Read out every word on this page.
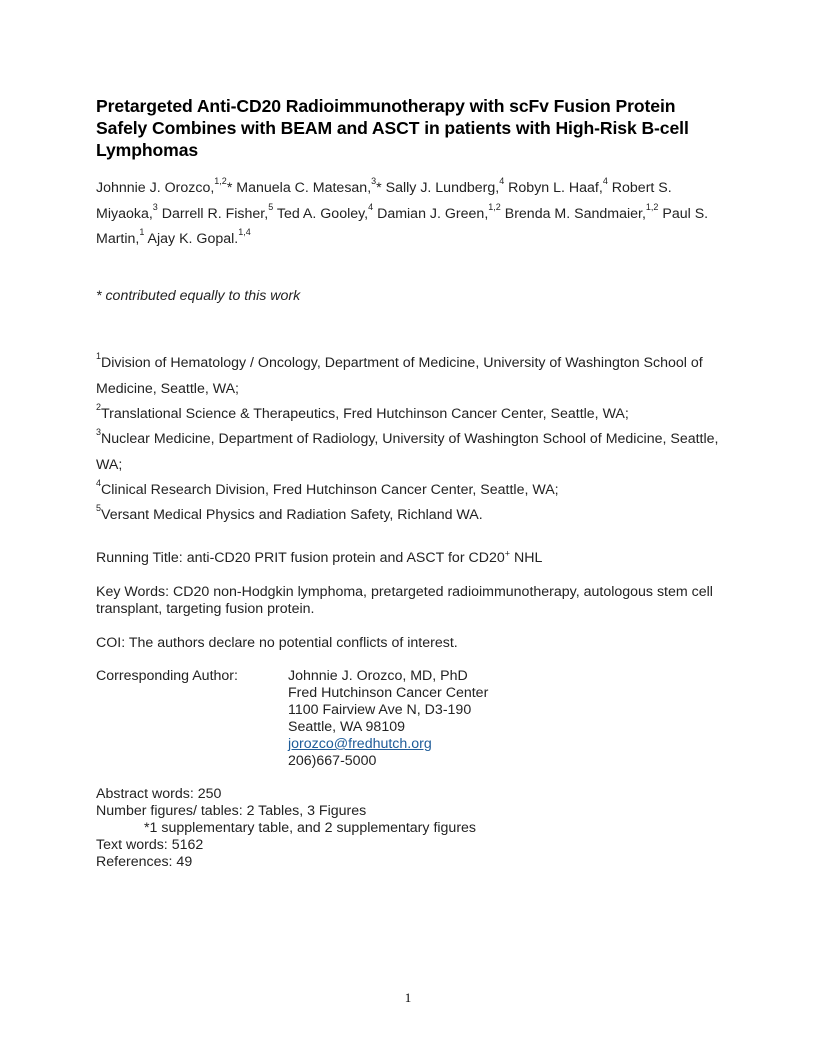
Pretargeted Anti-CD20 Radioimmunotherapy with scFv Fusion Protein Safely Combines with BEAM and ASCT in patients with High-Risk B-cell Lymphomas
Johnnie J. Orozco,$^{1,2}$* Manuela C. Matesan,$^3$* Sally J. Lundberg,$^4$ Robyn L. Haaf,$^4$ Robert S. Miyaoka,$^3$ Darrell R. Fisher,$^5$ Ted A. Gooley,$^4$ Damian J. Green,$^{1,2}$ Brenda M. Sandmaier,$^{1,2}$ Paul S. Martin,$^1$ Ajay K. Gopal.$^{1,4}$
* contributed equally to this work
$^1$Division of Hematology / Oncology, Department of Medicine, University of Washington School of Medicine, Seattle, WA;
$^2$Translational Science & Therapeutics, Fred Hutchinson Cancer Center, Seattle, WA;
$^3$Nuclear Medicine, Department of Radiology, University of Washington School of Medicine, Seattle, WA;
$^4$Clinical Research Division, Fred Hutchinson Cancer Center, Seattle, WA;
$^5$Versant Medical Physics and Radiation Safety, Richland WA.
Running Title: anti-CD20 PRIT fusion protein and ASCT for CD20+ NHL
Key Words: CD20 non-Hodgkin lymphoma, pretargeted radioimmunotherapy, autologous stem cell transplant, targeting fusion protein.
COI: The authors declare no potential conflicts of interest.
Corresponding Author:	Johnnie J. Orozco, MD, PhD
Fred Hutchinson Cancer Center
1100 Fairview Ave N, D3-190
Seattle, WA 98109
jorozco@fredhutch.org
206)667-5000
Abstract words: 250
Number figures/ tables: 2 Tables, 3 Figures
*1 supplementary table, and 2 supplementary figures
Text words: 5162
References: 49
1
